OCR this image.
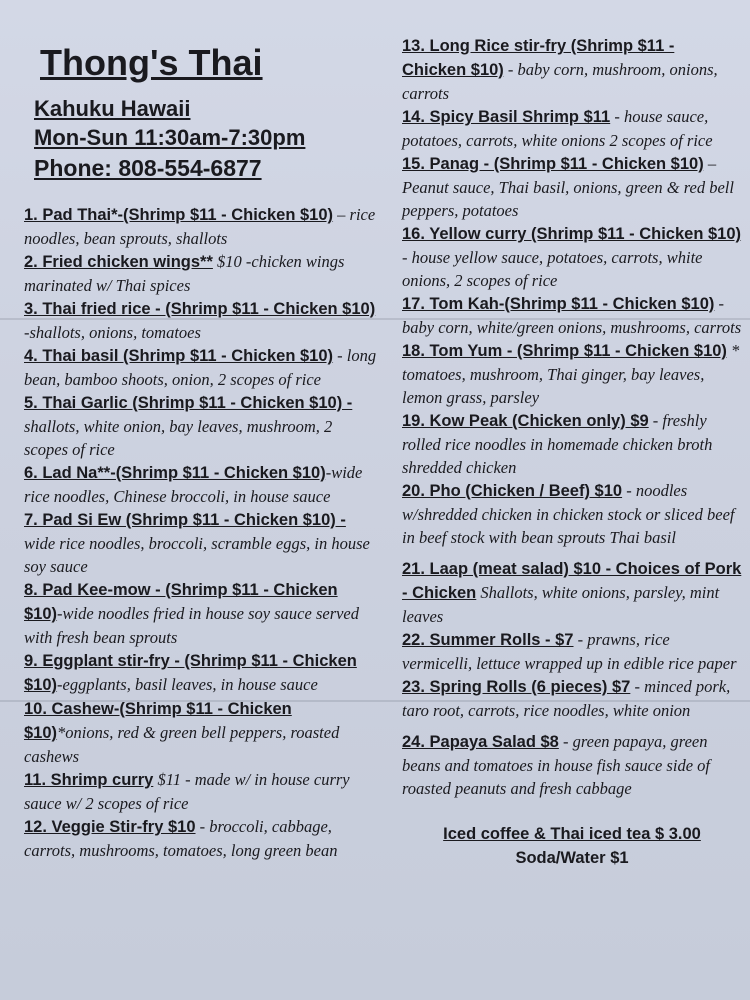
Thong's Thai
Kahuku Hawaii
Mon-Sun 11:30am-7:30pm
Phone: 808-554-6877
1. Pad Thai*-(Shrimp $11 - Chicken $10) – rice noodles, bean sprouts, shallots
2. Fried chicken wings** $10 -chicken wings marinated w/ Thai spices
3. Thai fried rice - (Shrimp $11 - Chicken $10) -shallots, onions, tomatoes
4. Thai basil (Shrimp $11 - Chicken $10) - long bean, bamboo shoots, onion, 2 scopes of rice
5. Thai Garlic (Shrimp $11 - Chicken $10) - shallots, white onion, bay leaves, mushroom, 2 scopes of rice
6. Lad Na**-(Shrimp $11 - Chicken $10)-wide rice noodles, Chinese broccoli, in house sauce
7. Pad Si Ew (Shrimp $11 - Chicken $10) - wide rice noodles, broccoli, scramble eggs, in house soy sauce
8. Pad Kee-mow - (Shrimp $11 - Chicken $10)-wide noodles fried in house soy sauce served with fresh bean sprouts
9. Eggplant stir-fry - (Shrimp $11 - Chicken $10)-eggplants, basil leaves, in house sauce
10. Cashew-(Shrimp $11 - Chicken $10)*onions, red & green bell peppers, roasted cashews
11. Shrimp curry $11 - made w/ in house curry sauce w/ 2 scopes of rice
12. Veggie Stir-fry $10 - broccoli, cabbage, carrots, mushrooms, tomatoes, long green bean
13. Long Rice stir-fry (Shrimp $11 - Chicken $10) - baby corn, mushroom, onions, carrots
14. Spicy Basil Shrimp $11 - house sauce, potatoes, carrots, white onions 2 scopes of rice
15. Panag - (Shrimp $11 - Chicken $10) –Peanut sauce, Thai basil, onions, green & red bell peppers, potatoes
16. Yellow curry (Shrimp $11 - Chicken $10) - house yellow sauce, potatoes, carrots, white onions, 2 scopes of rice
17. Tom Kah-(Shrimp $11 - Chicken $10) - baby corn, white/green onions, mushrooms, carrots
18. Tom Yum - (Shrimp $11 - Chicken $10) * tomatoes, mushroom, Thai ginger, bay leaves, lemon grass, parsley
19. Kow Peak (Chicken only) $9 - freshly rolled rice noodles in homemade chicken broth shredded chicken
20. Pho (Chicken / Beef) $10 - noodles w/shredded chicken in chicken stock or sliced beef in beef stock with bean sprouts Thai basil
21. Laap (meat salad) $10 - Choices of Pork - Chicken Shallots, white onions, parsley, mint leaves
22. Summer Rolls - $7 - prawns, rice vermicelli, lettuce wrapped up in edible rice paper
23. Spring Rolls (6 pieces) $7 - minced pork, taro root, carrots, rice noodles, white onion
24. Papaya Salad $8 - green papaya, green beans and tomatoes in house fish sauce side of roasted peanuts and fresh cabbage
Iced coffee & Thai iced tea $ 3.00
Soda/Water $1
